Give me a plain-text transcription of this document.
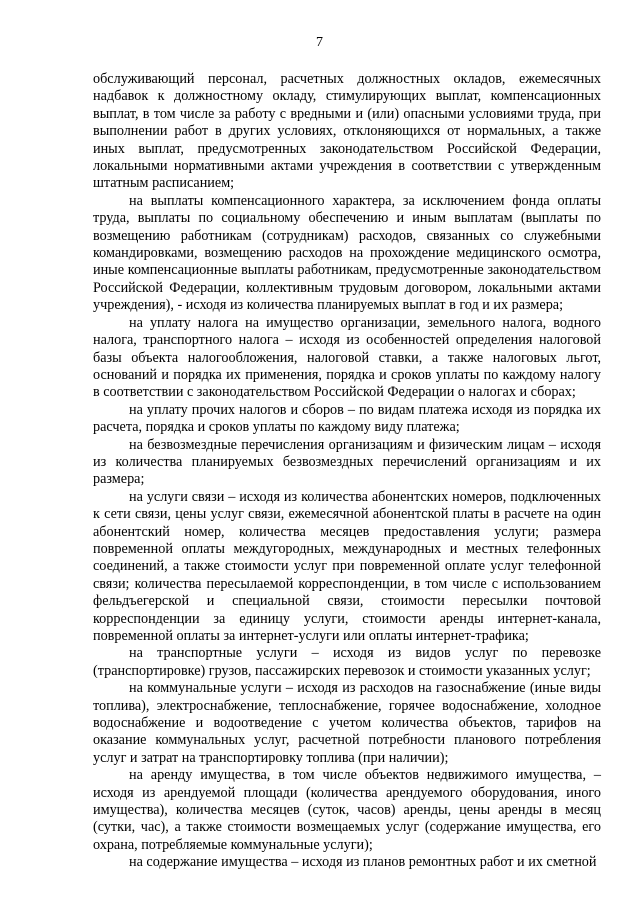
7

обслуживающий персонал, расчетных должностных окладов, ежемесячных надбавок к должностному окладу, стимулирующих выплат, компенсационных выплат, в том числе за работу с вредными и (или) опасными условиями труда, при выполнении работ в других условиях, отклоняющихся от нормальных, а также иных выплат, предусмотренных законодательством Российской Федерации, локальными нормативными актами учреждения в соответствии с утвержденным штатным расписанием;

на выплаты компенсационного характера, за исключением фонда оплаты труда, выплаты по социальному обеспечению и иным выплатам (выплаты по возмещению работникам (сотрудникам) расходов, связанных со служебными командировками, возмещению расходов на прохождение медицинского осмотра, иные компенсационные выплаты работникам, предусмотренные законодательством Российской Федерации, коллективным трудовым договором, локальными актами учреждения), - исходя из количества планируемых выплат в год и их размера;

на уплату налога на имущество организации, земельного налога, водного налога, транспортного налога – исходя из особенностей определения налоговой базы объекта налогообложения, налоговой ставки, а также налоговых льгот, оснований и порядка их применения, порядка и сроков уплаты по каждому налогу в соответствии с законодательством Российской Федерации о налогах и сборах;

на уплату прочих налогов и сборов – по видам платежа исходя из порядка их расчета, порядка и сроков уплаты по каждому виду платежа;

на безвозмездные перечисления организациям и физическим лицам – исходя из количества планируемых безвозмездных перечислений организациям и их размера;

на услуги связи – исходя из количества абонентских номеров, подключенных к сети связи, цены услуг связи, ежемесячной абонентской платы в расчете на один абонентский номер, количества месяцев предоставления услуги; размера повременной оплаты междугородных, международных и местных телефонных соединений, а также стоимости услуг при повременной оплате услуг телефонной связи; количества пересылаемой корреспонденции, в том числе с использованием фельдъегерской и специальной связи, стоимости пересылки почтовой корреспонденции за единицу услуги, стоимости аренды интернет-канала, повременной оплаты за интернет-услуги или оплаты интернет-трафика;

на транспортные услуги – исходя из видов услуг по перевозке (транспортировке) грузов, пассажирских перевозок и стоимости указанных услуг;

на коммунальные услуги – исходя из расходов на газоснабжение (иные виды топлива), электроснабжение, теплоснабжение, горячее водоснабжение, холодное водоснабжение и водоотведение с учетом количества объектов, тарифов на оказание коммунальных услуг, расчетной потребности планового потребления услуг и затрат на транспортировку топлива (при наличии);

на аренду имущества, в том числе объектов недвижимого имущества, – исходя из арендуемой площади (количества арендуемого оборудования, иного имущества), количества месяцев (суток, часов) аренды, цены аренды в месяц (сутки, час), а также стоимости возмещаемых услуг (содержание имущества, его охрана, потребляемые коммунальные услуги);

на содержание имущества – исходя из планов ремонтных работ и их сметной
